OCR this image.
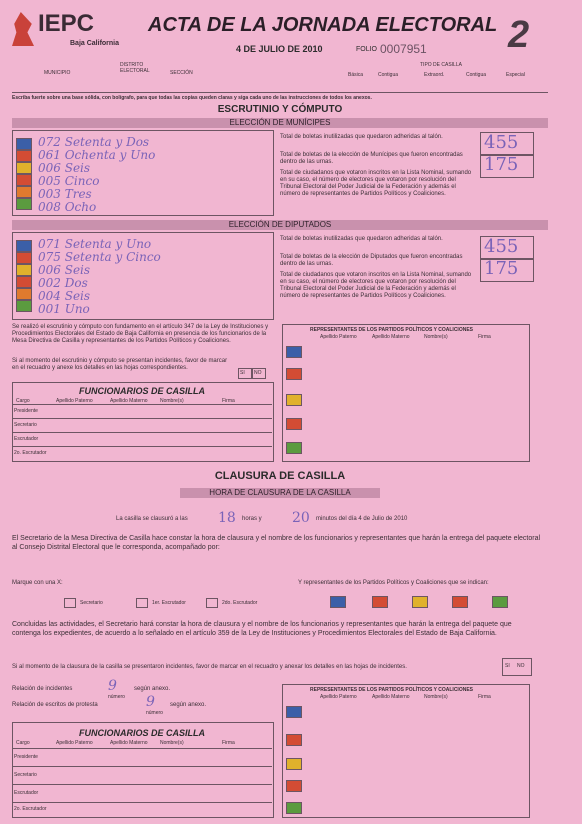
IEPC
Baja California
ACTA DE LA JORNADA ELECTORAL
4 DE JULIO DE 2010	FOLIO 0007951 2
MUNICIPIO
DISTRITO ELECTORAL	SECCIÓN
TIPO DE CASILLA
Básica	Contigua	Extraord.	Contigua	Especial
Escriba fuerte sobre una base sólida, con bolígrafo, para que todas las copias queden claras y siga cada uno de las instrucciones de todos los anexos.
ESCRUTINIO Y CÓMPUTO
ELECCIÓN DE MUNÍCIPES
072 Setenta y Dos
061 Ochenta y Uno
006 Seis
005 Cinco
003 Tres
008 Ocho
Total de boletas inutilizadas que quedaron adheridas al talón.
Total de boletas de la elección de Munícipes que fueron encontradas dentro de las urnas.
Total de ciudadanos que votaron inscritos en la Lista Nominal, sumando en su caso, el número de electores que votaron por resolución del Tribunal Electoral del Poder Judicial de la Federación y además el número de representantes de Partidos Políticos y Coaliciones.
455
175
ELECCIÓN DE DIPUTADOS
071 Setenta y Uno
075 Setenta y Cinco
006 Seis
002 Dos
004 Seis
001 Uno
Total de boletas inutilizadas que quedaron adheridas al talón.
Total de boletas de la elección de Diputados que fueron encontradas dentro de las urnas.
Total de ciudadanos que votaron inscritos en la Lista Nominal, sumando en su caso, el número de electores que votaron por resolución del Tribunal Electoral del Poder Judicial de la Federación y además el número de representantes de Partidos Políticos y Coaliciones.
455
175
Se realizó el escrutinio y cómputo con fundamento en el artículo 347 de la Ley de Instituciones y Procedimientos Electorales del Estado de Baja California en presencia de los funcionarios de la Mesa Directiva de Casilla y representantes de los Partidos Políticos y Coaliciones.
Si al momento del escrutinio y cómputo se presentan incidentes, favor de marcar en el recuadro y anexe los detalles en las hojas correspondientes.
SI NO
FUNCIONARIOS DE CASILLA
Cargo	Apellido Paterno	Apellido Materno Nombre(s)	Firma
Presidente
Secretario
Escrutador
2o. Escrutador
REPRESENTANTES DE LOS PARTIDOS POLÍTICOS Y COALICIONES
Apellido Paterno	Apellido Materno	Nombre(s)	Firma
CLAUSURA DE CASILLA
HORA DE CLAUSURA DE LA CASILLA
La casilla se clausuró a las 18 horas y 20 minutos del día 4 de Julio de 2010
El Secretario de la Mesa Directiva de Casilla hace constar la hora de clausura y el nombre de los funcionarios y representantes que harán la entrega del paquete electoral al Consejo Distrital Electoral que le corresponda, acompañado por:
Marque con una X:
Secretario	1er. Escrutador	2do. Escrutador
Y representantes de los Partidos Políticos y Coaliciones que se indican:
Concluidas las actividades, el Secretario hará constar la hora de clausura y el nombre de los funcionarios y representantes que harán la entrega del paquete que contenga los expedientes, de acuerdo a lo señalado en el artículo 359 de la Ley de Instituciones y Procedimientos Electorales del Estado de Baja California.
Si al momento de la clausura de la casilla se presentaron incidentes, favor de marcar en el recuadro y anexar los detalles en las hojas de incidentes.	SI NO
Relación de incidentes	9
número
según anexo.
Relación de escritos de protesta	9
número
según anexo.
FUNCIONARIOS DE CASILLA
Cargo	Apellido Paterno	Apellido Materno Nombre(s)	Firma
Presidente
Secretario
Escrutador
2o. Escrutador
REPRESENTANTES DE LOS PARTIDOS POLÍTICOS Y COALICIONES
Apellido Paterno	Apellido Materno	Nombre(s)	Firma
